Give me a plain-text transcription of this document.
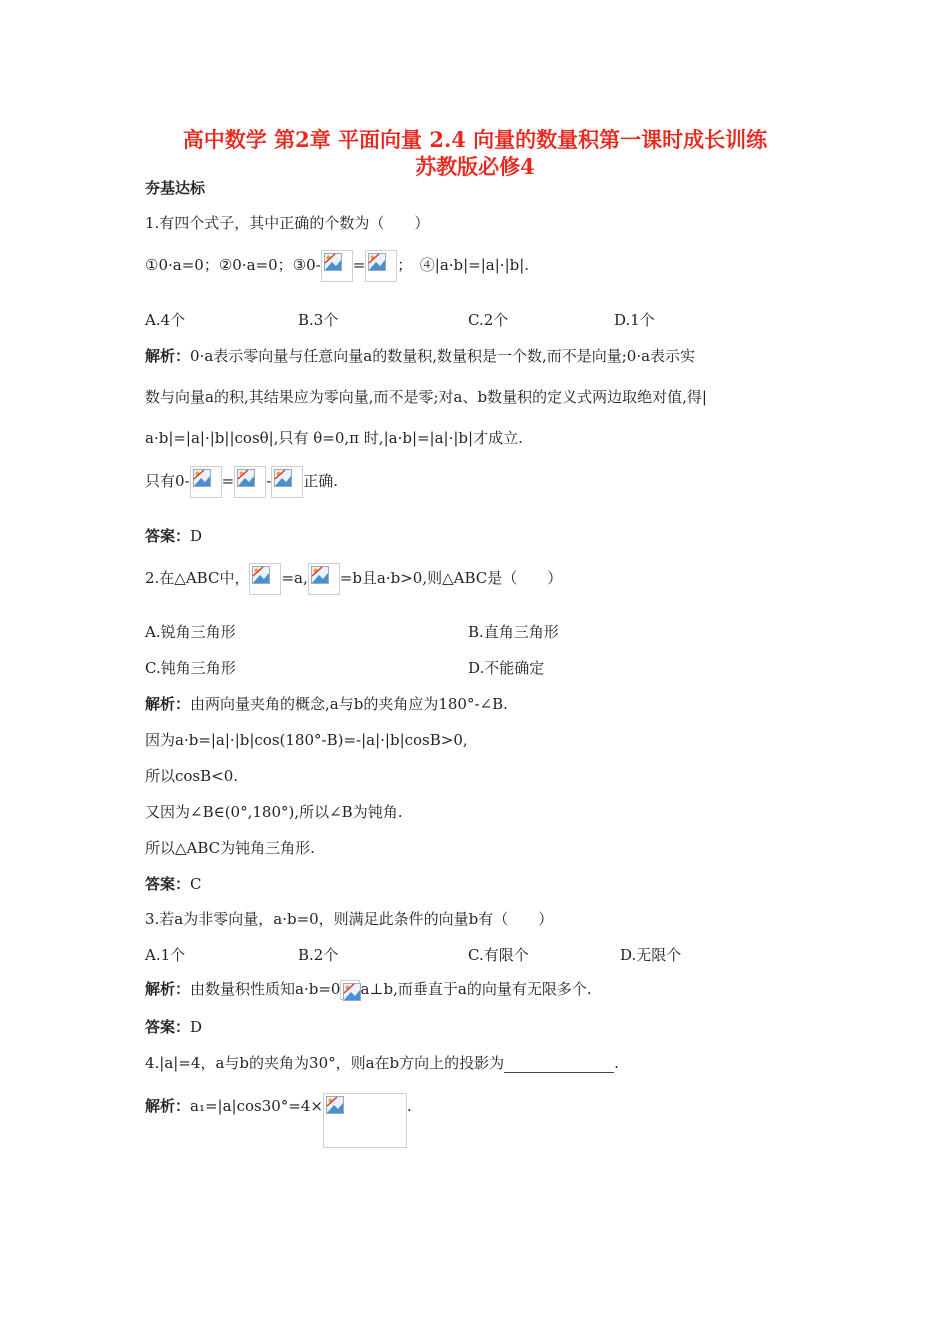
高中数学 第2章 平面向量 2.4 向量的数量积第一课时成长训练
苏教版必修4
夯基达标
1.有四个式子，其中正确的个数为（　　）
①0·a=0；②0·a=0；③0- = ；　④|a·b|=|a|·|b|.
A.4个	B.3个	C.2个	D.1个
解析：0·a表示零向量与任意向量a的数量积,数量积是一个数,而不是向量;0·a表示实
数与向量a的积,其结果应为零向量,而不是零;对a、b数量积的定义式两边取绝对值,得|
a·b|=|a|·|b||cosθ|,只有 θ=0,π 时,|a·b|=|a|·|b|才成立.
只有0- = - 正确.
答案：D
2.在△ABC中， =a, =b且a·b>0,则△ABC是（　　）
A.锐角三角形	B.直角三角形
C.钝角三角形	D.不能确定
解析：由两向量夹角的概念,a与b的夹角应为180°-∠B.
因为a·b=|a|·|b|cos(180°-B)=-|a|·|b|cosB>0,
所以cosB<0.
又因为∠B∈(0°,180°),所以∠B为钝角.
所以△ABC为钝角三角形.
答案：C
3.若a为非零向量，a·b=0，则满足此条件的向量b有（　　）
A.1个	B.2个	C.有限个	D.无限个
解析：由数量积性质知a·b=0 a⊥b,而垂直于a的向量有无限多个.
答案：D
4.|a|=4，a与b的夹角为30°，则a在b方向上的投影为	.
解析：a₁=|a|cos30°=4×	.
